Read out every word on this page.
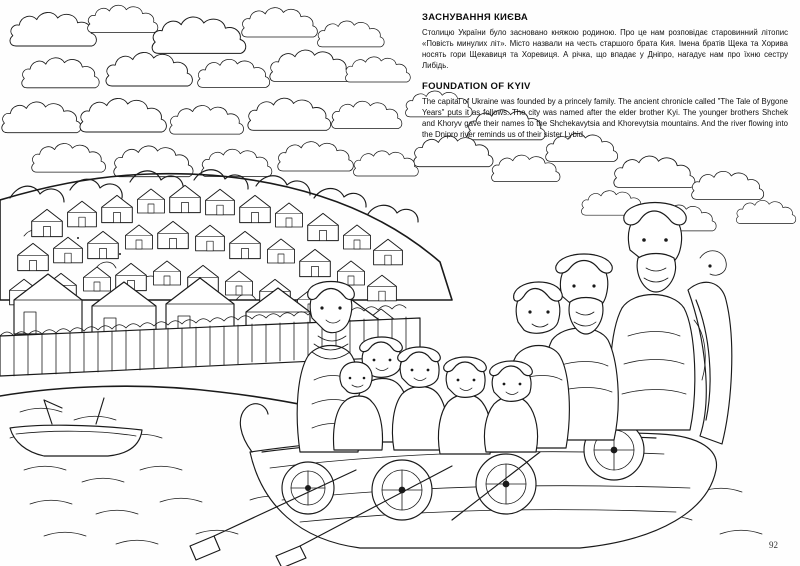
ЗАСНУВАННЯ КИЄВА

Столицю України було засновано княжою родиною. Про це нам розповідає старовинний літопис «Повість минулих літ». Місто назвали на честь старшого брата Кия. Імена братів Щека та Хорива носять гори Щекавиця та Хоревиця. А річка, що впадає у Дніпро, нагадує нам про їхню сестру Либідь.

FOUNDATION OF KYIV

The capital of Ukraine was founded by a princely family. The ancient chronicle called "The Tale of Bygone Years" puts it as follows. The city was named after the elder brother Kyi. The younger brothers Shchek and Khoryv gave their names to the Shchekavytsia and Khorevytsia mountains. And the river flowing into the Dnipro river reminds us of their sister Lybid.

92
